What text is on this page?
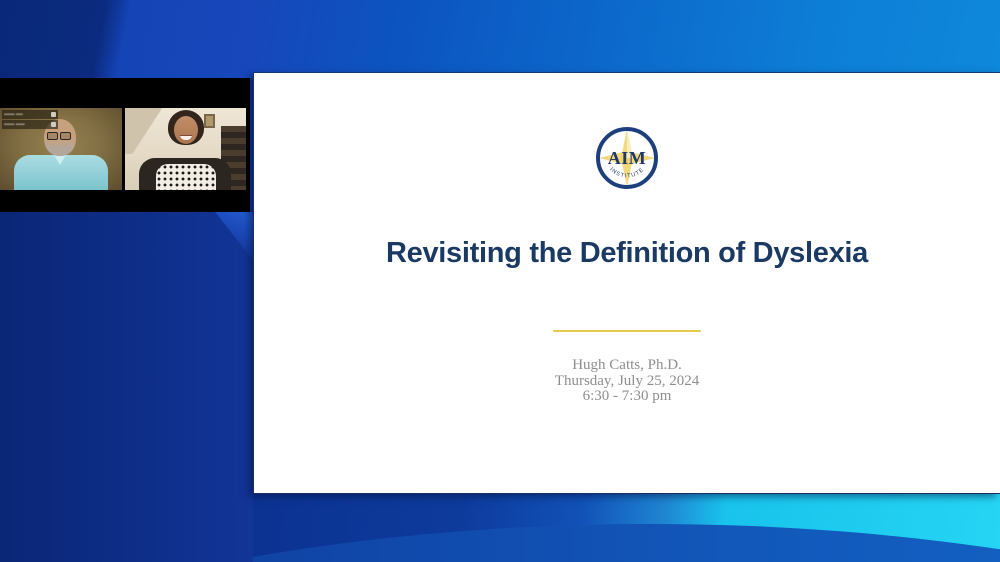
AIM
INSTITUTE
Revisiting the Definition of Dyslexia
Hugh Catts, Ph.D.
Thursday, July 25, 2024
6:30 - 7:30 pm
•••••• ••••
•••••• •••••
